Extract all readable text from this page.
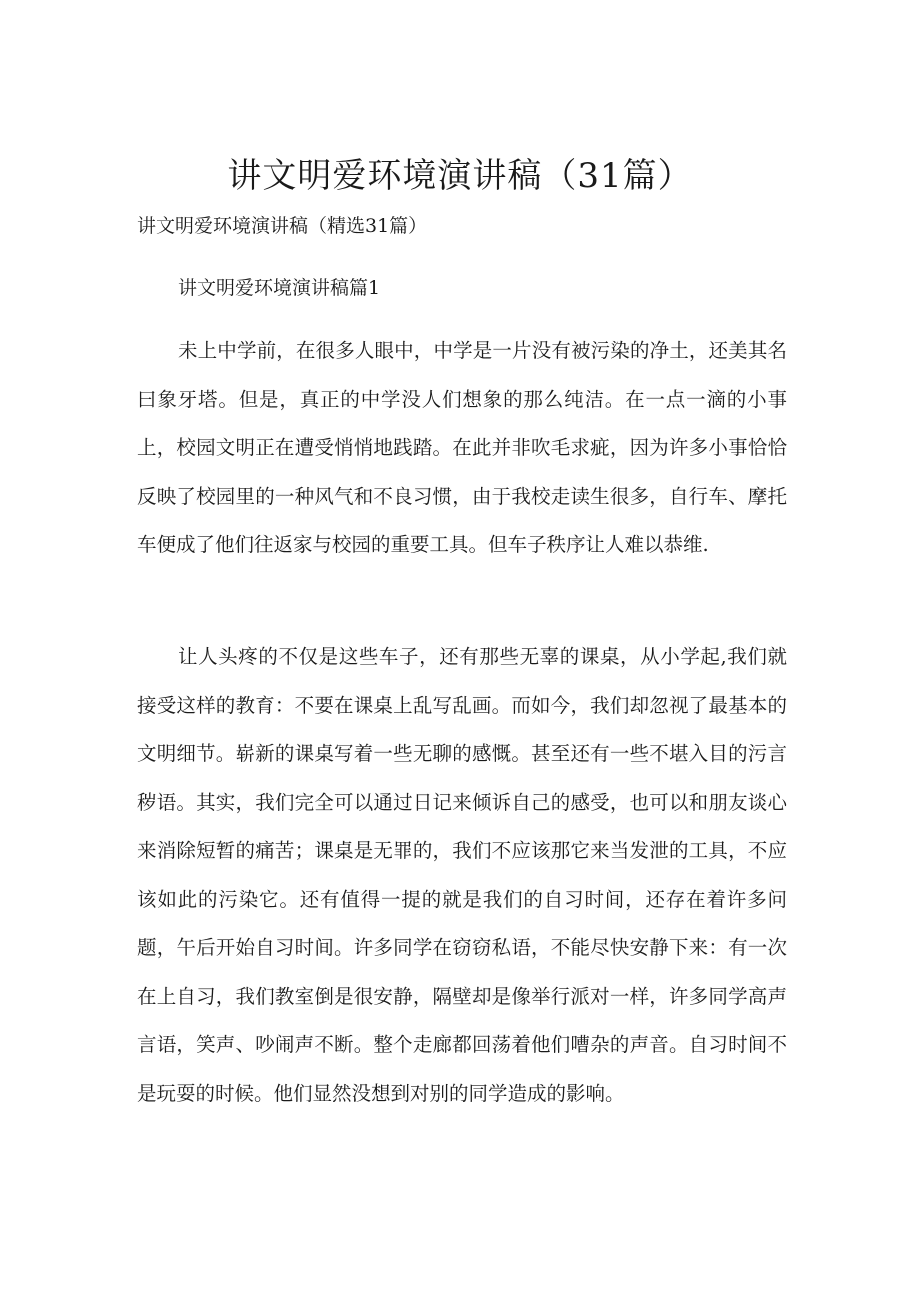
讲文明爱环境演讲稿（31篇）

讲文明爱环境演讲稿（精选31篇）

讲文明爱环境演讲稿篇1

未上中学前，在很多人眼中，中学是一片没有被污染的净土，还美其名曰象牙塔。但是，真正的中学没人们想象的那么纯洁。在一点一滴的小事上，校园文明正在遭受悄悄地践踏。在此并非吹毛求疵，因为许多小事恰恰反映了校园里的一种风气和不良习惯，由于我校走读生很多，自行车、摩托车便成了他们往返家与校园的重要工具。但车子秩序让人难以恭维.

让人头疼的不仅是这些车子，还有那些无辜的课桌，从小学起,我们就接受这样的教育：不要在课桌上乱写乱画。而如今，我们却忽视了最基本的文明细节。崭新的课桌写着一些无聊的感慨。甚至还有一些不堪入目的污言秽语。其实，我们完全可以通过日记来倾诉自己的感受，也可以和朋友谈心来消除短暂的痛苦；课桌是无罪的，我们不应该那它来当发泄的工具，不应该如此的污染它。还有值得一提的就是我们的自习时间，还存在着许多问题，午后开始自习时间。许多同学在窃窃私语，不能尽快安静下来：有一次在上自习，我们教室倒是很安静，隔壁却是像举行派对一样，许多同学高声言语，笑声、吵闹声不断。整个走廊都回荡着他们嘈杂的声音。自习时间不是玩耍的时候。他们显然没想到对别的同学造成的影响。
